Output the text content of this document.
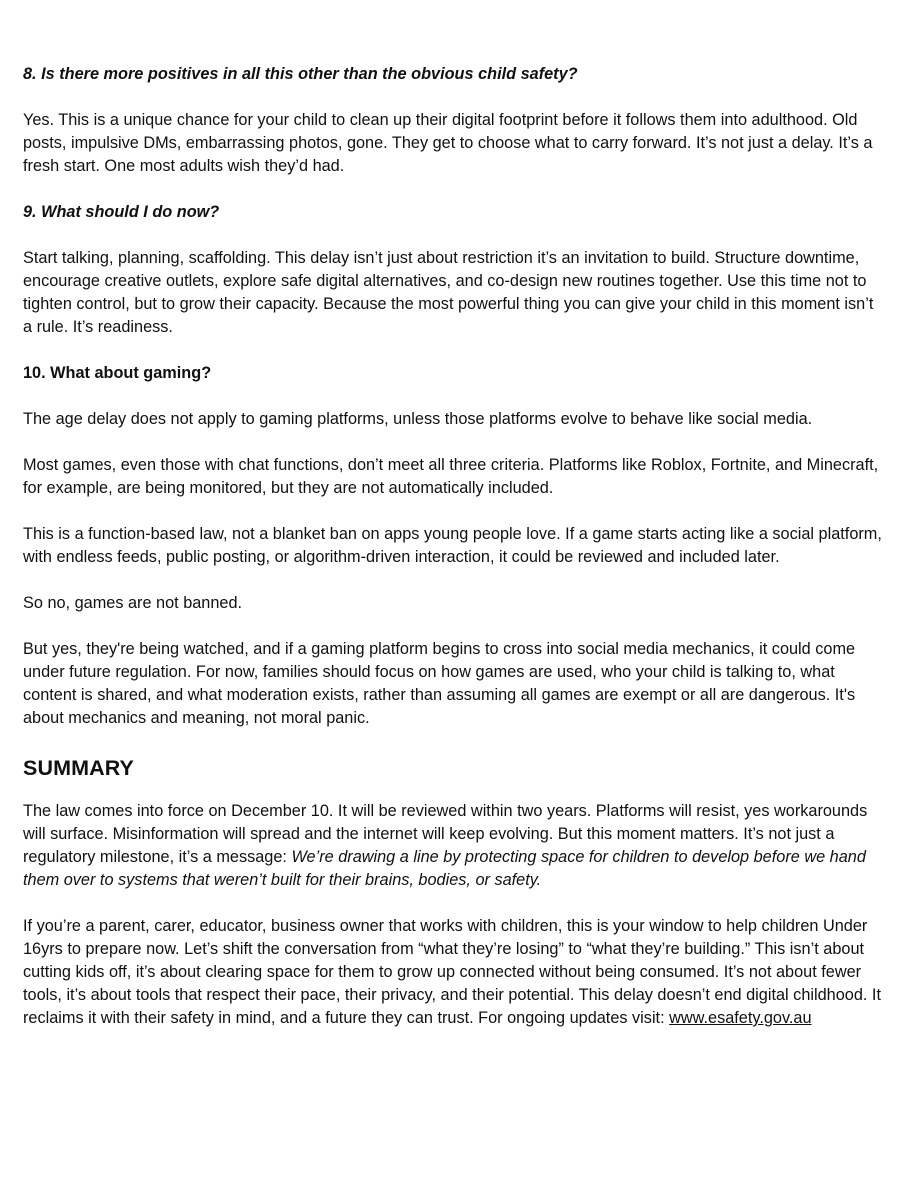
8. Is there more positives in all this other than the obvious child safety?

Yes. This is a unique chance for your child to clean up their digital footprint before it follows them into adulthood. Old posts, impulsive DMs, embarrassing photos, gone. They get to choose what to carry forward. It’s not just a delay. It’s a fresh start. One most adults wish they’d had.

9. What should I do now?

Start talking, planning, scaffolding. This delay isn’t just about restriction it’s an invitation to build. Structure downtime, encourage creative outlets, explore safe digital alternatives, and co-design new routines together. Use this time not to tighten control, but to grow their capacity. Because the most powerful thing you can give your child in this moment isn’t a rule. It’s readiness.

10. What about gaming?

The age delay does not apply to gaming platforms, unless those platforms evolve to behave like social media.

Most games, even those with chat functions, don’t meet all three criteria. Platforms like Roblox, Fortnite, and Minecraft, for example, are being monitored, but they are not automatically included.

This is a function-based law, not a blanket ban on apps young people love. If a game starts acting like a social platform, with endless feeds, public posting, or algorithm-driven interaction, it could be reviewed and included later.

So no, games are not banned.

But yes, they're being watched, and if a gaming platform begins to cross into social media mechanics, it could come under future regulation. For now, families should focus on how games are used, who your child is talking to, what content is shared, and what moderation exists, rather than assuming all games are exempt or all are dangerous. It's about mechanics and meaning, not moral panic.

SUMMARY

The law comes into force on December 10. It will be reviewed within two years. Platforms will resist, yes workarounds will surface. Misinformation will spread and the internet will keep evolving. But this moment matters. It’s not just a regulatory milestone, it’s a message: We’re drawing a line by protecting space for children to develop before we hand them over to systems that weren’t built for their brains, bodies, or safety.

If you’re a parent, carer, educator, business owner that works with children, this is your window to help children Under 16yrs to prepare now. Let’s shift the conversation from “what they’re losing” to “what they’re building.” This isn’t about cutting kids off, it’s about clearing space for them to grow up connected without being consumed. It’s not about fewer tools, it’s about tools that respect their pace, their privacy, and their potential. This delay doesn’t end digital childhood. It reclaims it with their safety in mind, and a future they can trust. For ongoing updates visit: www.esafety.gov.au
